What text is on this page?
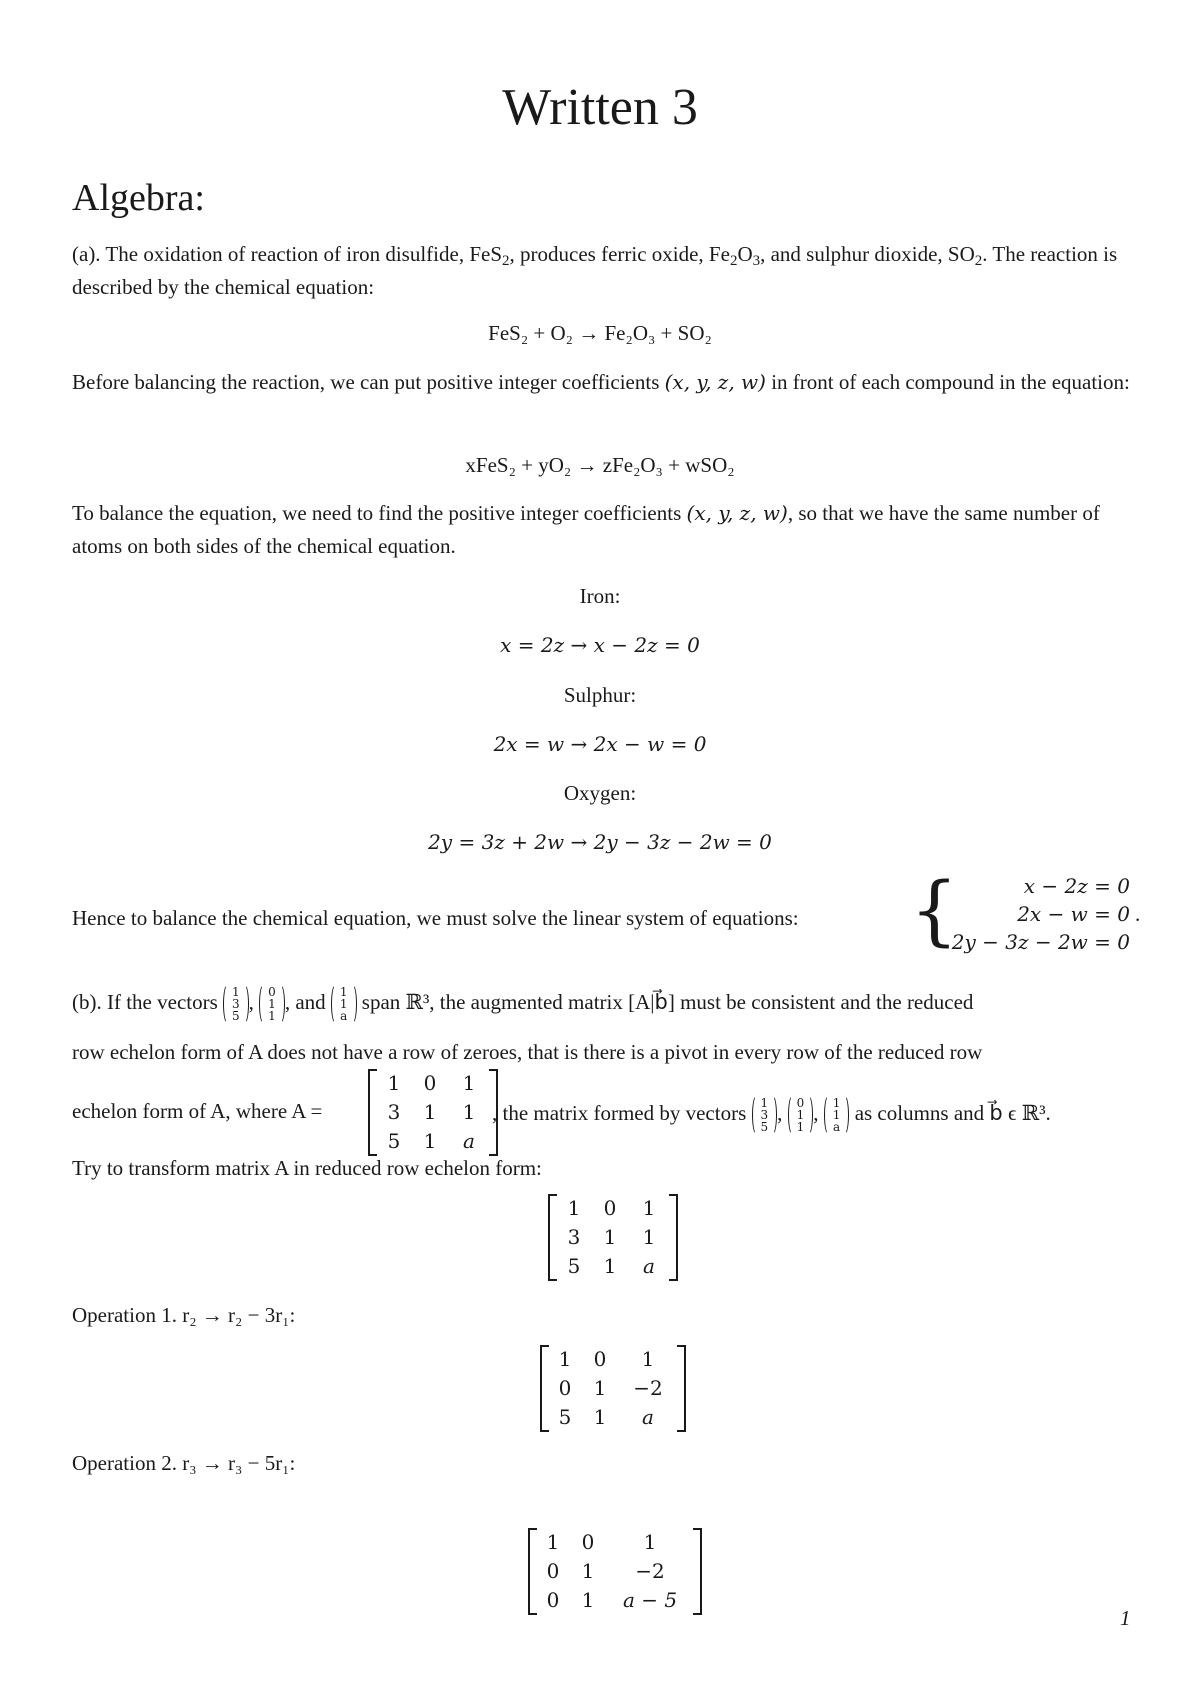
Written 3
Algebra:
(a). The oxidation of reaction of iron disulfide, FeS$_2$, produces ferric oxide, $Fe_2O_3$, and sulphur dioxide, $SO_2$. The reaction is described by the chemical equation:
FeS₂ + O₂ → Fe₂O₃ + SO₂
Before balancing the reaction, we can put positive integer coefficients (x, y, z, w) in front of each compound in the equation:
xFeS₂ + yO₂ → zFe₂O₃ + wSO₂
To balance the equation, we need to find the positive integer coefficients (x, y, z, w), so that we have the same number of atoms on both sides of the chemical equation.
Iron:
x = 2z → x − 2z = 0
Sulphur:
2x = w → 2x − w = 0
Oxygen:
2y = 3z + 2w → 2y − 3z − 2w = 0
Hence to balance the chemical equation, we must solve the linear system of equations:	{	x − 2z = 0
2x − w = 0
2y − 3z − 2w = 0
.
(b). If the vectors 1
3
5
, 0
1
1
, and 1
1
a
span ℝ³, the augmented matrix [A|b⃗] must be consistent and the reduced
row echelon form of A does not have a row of zeroes, that is there is a pivot in every row of the reduced row
echelon form of A, where A =
1	0	1
3	1	1
5	1	a
, the matrix formed by vectors 1
3
5
, 0
1
1
, 1
1
a
as columns and b⃗ ϵ ℝ³.
Try to transform matrix A in reduced row echelon form:
1	0	1
3	1	1
5	1	a
Operation 1. r₂ → r₂ − 3r₁:
1	0	1
0	1	−2
5	1	a
Operation 2. r₃ → r₃ − 5r₁:
1	0	1
0	1	−2
0	1	a − 5
1
